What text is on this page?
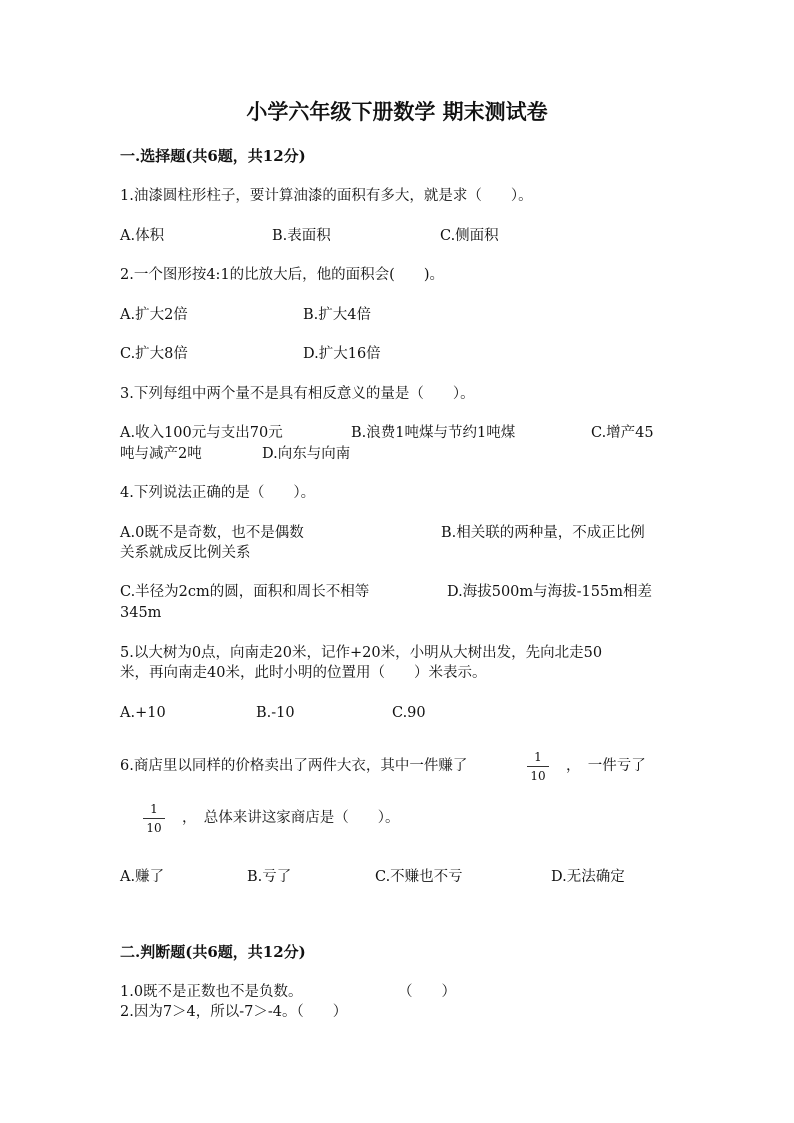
小学六年级下册数学 期末测试卷
一.选择题(共6题，共12分)
1.油漆圆柱形柱子，要计算油漆的面积有多大，就是求（　　）。
A.体积	B.表面积	C.侧面积
2.一个图形按4:1的比放大后，他的面积会(　　)。
A.扩大2倍	B.扩大4倍
C.扩大8倍	D.扩大16倍
3.下列每组中两个量不是具有相反意义的量是（　　）。
A.收入100元与支出70元	B.浪费1吨煤与节约1吨煤	C.增产45
吨与减产2吨	D.向东与向南
4.下列说法正确的是（　　）。
A.0既不是奇数，也不是偶数	B.相关联的两种量，不成正比例
关系就成反比例关系
C.半径为2cm的圆，面积和周长不相等	D.海拔500m与海拔-155m相差
345m
5.以大树为0点，向南走20米，记作+20米，小明从大树出发，先向北走50
米，再向南走40米，此时小明的位置用（　　）米表示。
A.+10	B.-10	C.90
6.商店里以同样的价格卖出了两件大衣，其中一件赚了
1
10
，　一件亏了
1
10
，　总体来讲这家商店是（　　）。
A.赚了	B.亏了	C.不赚也不亏	D.无法确定
二.判断题(共6题，共12分)
1.0既不是正数也不是负数。	（　　）
2.因为7＞4，所以-7＞-4。（　　）
